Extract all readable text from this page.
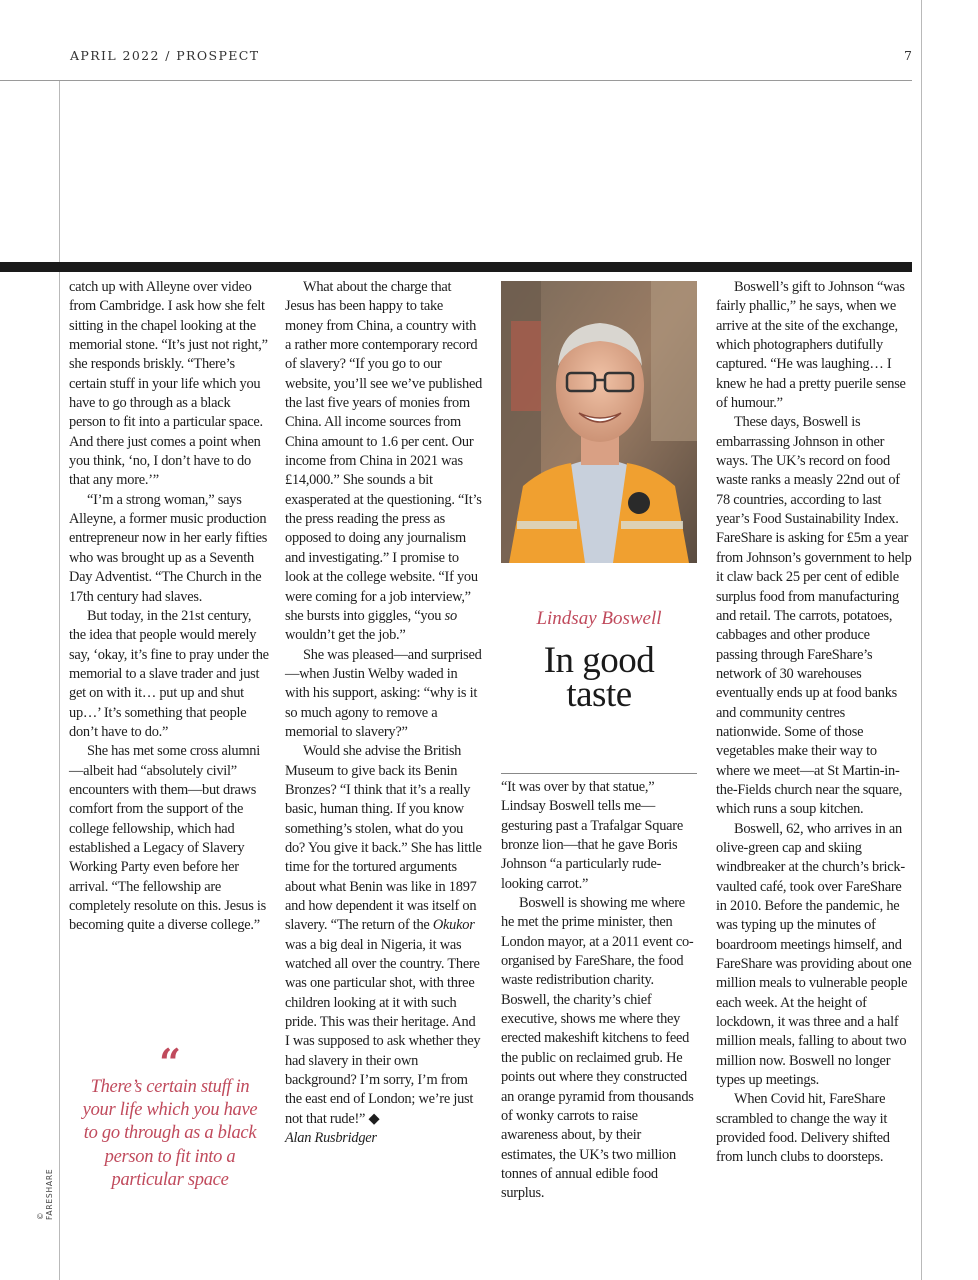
APRIL 2022 / PROSPECT	7

catch up with Alleyne over video from Cambridge. I ask how she felt sitting in the chapel looking at the memorial stone. “It’s just not right,” she responds briskly. “There’s certain stuff in your life which you have to go through as a black person to fit into a particular space. And there just comes a point when you think, ‘no, I don’t have to do that any more.’”

“I’m a strong woman,” says Alleyne, a former music production entrepreneur now in her early fifties who was brought up as a Seventh Day Adventist. “The Church in the 17th century had slaves.

But today, in the 21st century, the idea that people would merely say, ‘okay, it’s fine to pray under the memorial to a slave trader and just get on with it… put up and shut up…’ It’s something that people don’t have to do.”

She has met some cross alumni—albeit had “absolutely civil” encounters with them—but draws comfort from the support of the college fellowship, which had established a Legacy of Slavery Working Party even before her arrival. “The fellowship are completely resolute on this. Jesus is becoming quite a diverse college.”

“
There’s certain stuff in your life which you have to go through as a black person to fit into a particular space
© FARESHARE

What about the charge that Jesus has been happy to take money from China, a country with a rather more contemporary record of slavery? “If you go to our website, you’ll see we’ve published the last five years of monies from China. All income sources from China amount to 1.6 per cent. Our income from China in 2021 was £14,000.” She sounds a bit exasperated at the questioning. “It’s the press reading the press as opposed to doing any journalism and investigating.” I promise to look at the college website. “If you were coming for a job interview,” she bursts into giggles, “you so wouldn’t get the job.”

She was pleased—and surprised—when Justin Welby waded in with his support, asking: “why is it so much agony to remove a memorial to slavery?”

Would she advise the British Museum to give back its Benin Bronzes? “I think that it’s a really basic, human thing. If you know something’s stolen, what do you do? You give it back.” She has little time for the tortured arguments about what Benin was like in 1897 and how dependent it was itself on slavery. “The return of the Okukor was a big deal in Nigeria, it was watched all over the country. There was one particular shot, with three children looking at it with such pride. This was their heritage. And I was supposed to ask whether they had slavery in their own background? I’m sorry, I’m from the east end of London; we’re just not that rude!” ◆
Alan Rusbridger

Lindsay Boswell
In good
taste

“It was over by that statue,” Lindsay Boswell tells me—gesturing past a Trafalgar Square bronze lion—that he gave Boris Johnson “a particularly rude-looking carrot.”

Boswell is showing me where he met the prime minister, then London mayor, at a 2011 event co-organised by FareShare, the food waste redistribution charity. Boswell, the charity’s chief executive, shows me where they erected makeshift kitchens to feed the public on reclaimed grub. He points out where they constructed an orange pyramid from thousands of wonky carrots to raise awareness about, by their estimates, the UK’s two million tonnes of annual edible food surplus.

Boswell’s gift to Johnson “was fairly phallic,” he says, when we arrive at the site of the exchange, which photographers dutifully captured. “He was laughing… I knew he had a pretty puerile sense of humour.”

These days, Boswell is embarrassing Johnson in other ways. The UK’s record on food waste ranks a measly 22nd out of 78 countries, according to last year’s Food Sustainability Index. FareShare is asking for £5m a year from Johnson’s government to help it claw back 25 per cent of edible surplus food from manufacturing and retail. The carrots, potatoes, cabbages and other produce passing through FareShare’s network of 30 warehouses eventually ends up at food banks and community centres nationwide. Some of those vegetables make their way to where we meet—at St Martin-in-the-Fields church near the square, which runs a soup kitchen.

Boswell, 62, who arrives in an olive-green cap and skiing windbreaker at the church’s brick-vaulted café, took over FareShare in 2010. Before the pandemic, he was typing up the minutes of boardroom meetings himself, and FareShare was providing about one million meals to vulnerable people each week. At the height of lockdown, it was three and a half million meals, falling to about two million now. Boswell no longer types up meetings.

When Covid hit, FareShare scrambled to change the way it provided food. Delivery shifted from lunch clubs to doorsteps.
